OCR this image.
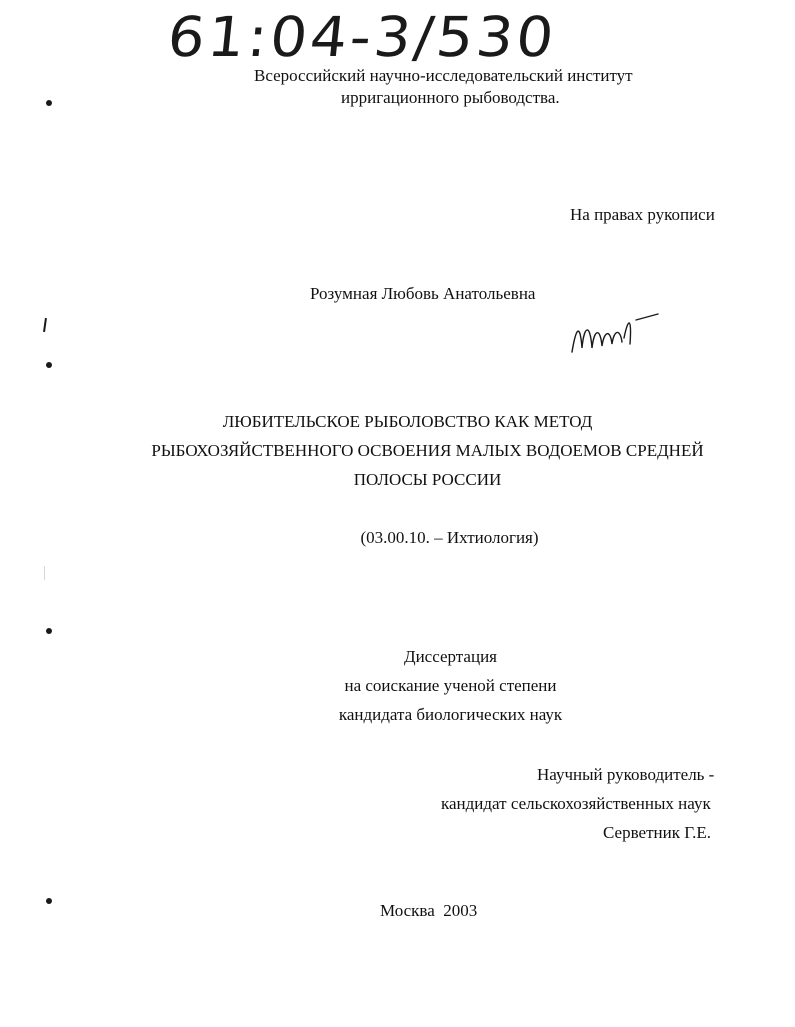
61:04-3/530
Всероссийский научно-исследовательский институт
ирригационного рыбоводства.
На правах рукописи
Розумная Любовь Анатольевна
ЛЮБИТЕЛЬСКОЕ РЫБОЛОВСТВО КАК МЕТОД
РЫБОХОЗЯЙСТВЕННОГО ОСВОЕНИЯ МАЛЫХ ВОДОЕМОВ СРЕДНЕЙ
ПОЛОСЫ РОССИИ
(03.00.10. – Ихтиология)
Диссертация
на соискание ученой степени
кандидата биологических наук
Научный руководитель -
кандидат сельскохозяйственных наук
Серветник Г.Е.
Москва  2003
